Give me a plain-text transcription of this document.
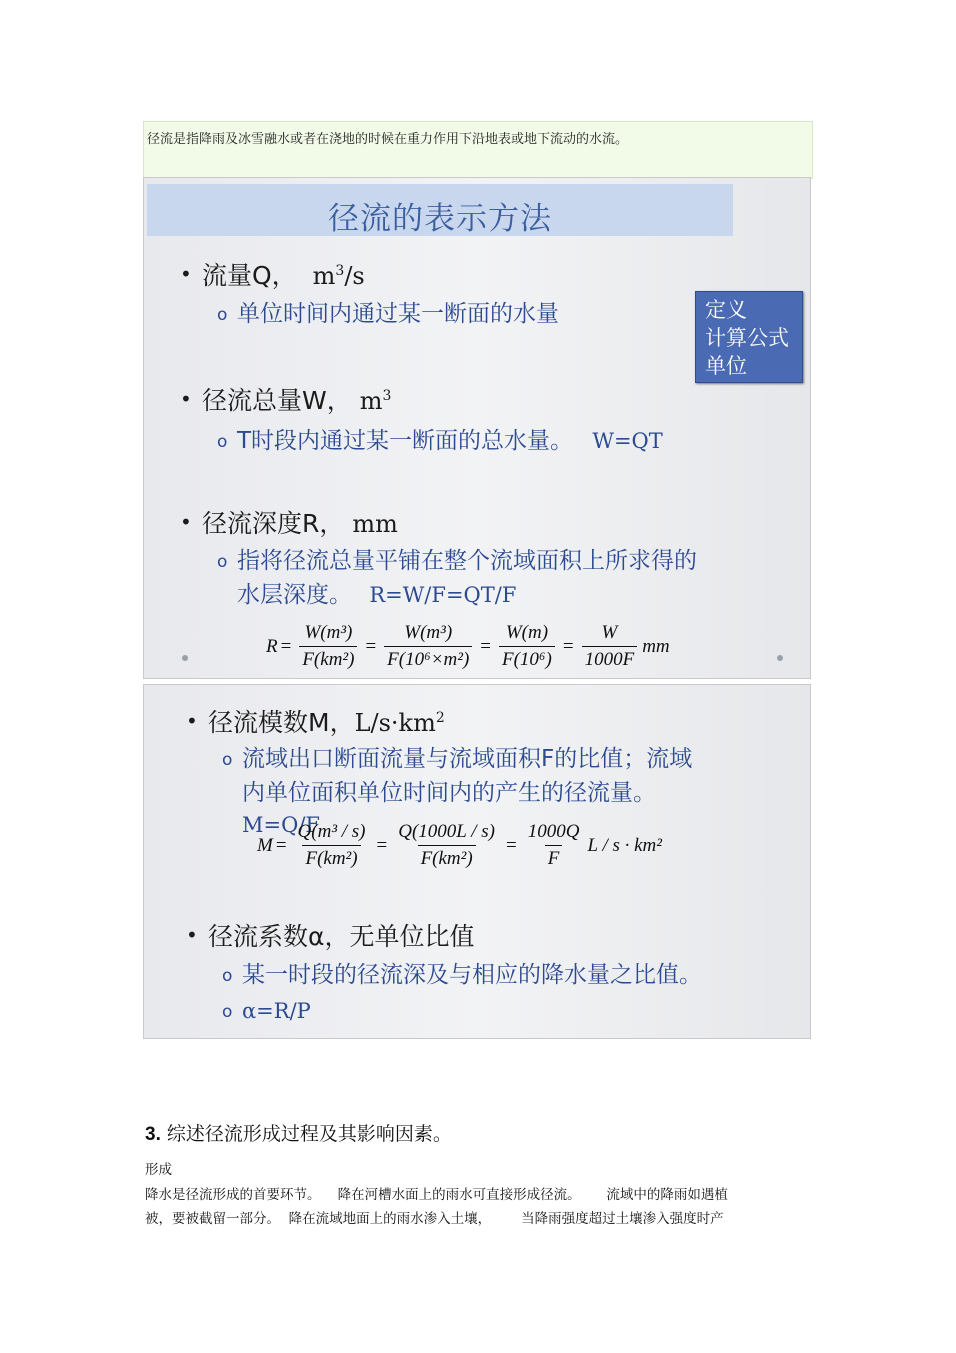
径流是指降雨及冰雪融水或者在浇地的时候在重力作用下沿地表或地下流动的水流。
径流的表示方法
定义
计算公式
单位
• 流量Q， $m^3/s$
o 单位时间内通过某一断面的水量
• 径流总量W， $m^3$
o T时段内通过某一断面的总水量。 W=QT
• 径流深度R， mm
o 指将径流总量平铺在整个流域面积上所求得的
水层深度。 R=W/F=QT/F
$R = \frac{\text{W(m³)}}{\text{F(km²)}} = \frac{\text{W(m³)}}{\text{F(10⁶×m²)}} = \frac{W(m)}{\text{F(10⁶)}} = \frac{W}{1000F}$ mm
• 径流模数M，$L/s\cdot km^2$
o 流域出口断面流量与流域面积F的比值；流域
内单位面积单位时间内的产生的径流量。
M=Q/F
$M = \frac{\text{Q(m³ / s)}}{\text{F(km²)}} = \frac{Q(1000L / s)}{\text{F(km²)}} = \frac{1000Q}{F}$ L / s · km²
• 径流系数α，无单位比值
o 某一时段的径流深及与相应的降水量之比值。
o α=R/P
3. 综述径流形成过程及其影响因素。
形成
降水是径流形成的首要环节。    降在河槽水面上的雨水可直接形成径流。      流域中的降雨如遇植
被，要被截留一部分。  降在流域地面上的雨水渗入土壤，       当降雨强度超过土壤渗入强度时产
